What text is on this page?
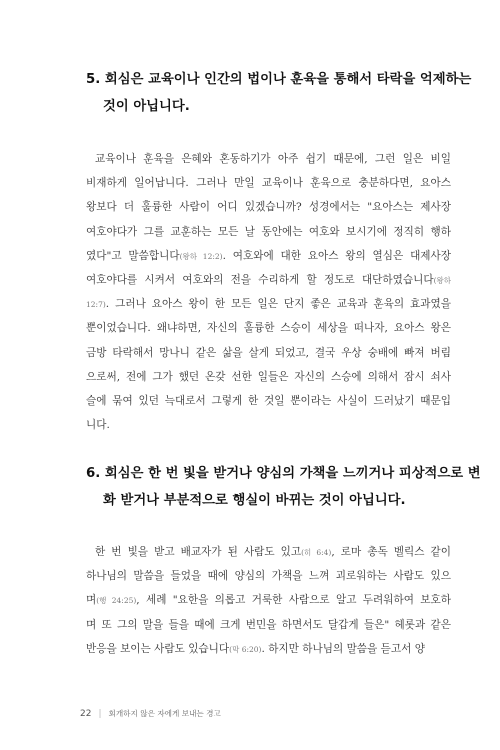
5. 회심은 교육이나 인간의 법이나 훈육을 통해서 타락을 억제하는
것이 아닙니다.
교육이나 훈육을 은혜와 혼동하기가 아주 쉽기 때문에, 그런 일은 비일
비재하게 일어납니다. 그러나 만일 교육이나 훈육으로 충분하다면, 요아스
왕보다 더 훌륭한 사람이 어디 있겠습니까? 성경에서는 "요아스는 제사장
여호야다가 그를 교훈하는 모든 날 동안에는 여호와 보시기에 정직히 행하
였다"고 말씀합니다(왕하 12:2). 여호와에 대한 요아스 왕의 열심은 대제사장
여호야다를 시켜서 여호와의 전을 수리하게 할 정도로 대단하였습니다(왕하
12:7). 그러나 요아스 왕이 한 모든 일은 단지 좋은 교육과 훈육의 효과였을
뿐이었습니다. 왜냐하면, 자신의 훌륭한 스승이 세상을 떠나자, 요아스 왕은
금방 타락해서 망나니 같은 삶을 살게 되었고, 결국 우상 숭배에 빠져 버림
으로써, 전에 그가 했던 온갖 선한 일들은 자신의 스승에 의해서 잠시 쇠사
슬에 묶여 있던 늑대로서 그렇게 한 것일 뿐이라는 사실이 드러났기 때문입
니다.
6. 회심은 한 번 빛을 받거나 양심의 가책을 느끼거나 피상적으로 변
화 받거나 부분적으로 행실이 바뀌는 것이 아닙니다.
한 번 빛을 받고 배교자가 된 사람도 있고(히 6:4), 로마 총독 벨릭스 같이
하나님의 말씀을 들었을 때에 양심의 가책을 느껴 괴로워하는 사람도 있으
며(행 24:25), 세례 "요한을 의롭고 거룩한 사람으로 알고 두려워하여 보호하
며 또 그의 말을 들을 때에 크게 번민을 하면서도 달갑게 들은" 헤롯과 같은
반응을 보이는 사람도 있습니다(막 6:20). 하지만 하나님의 말씀을 듣고서 양
22 | 회개하지 않은 자에게 보내는 경고
